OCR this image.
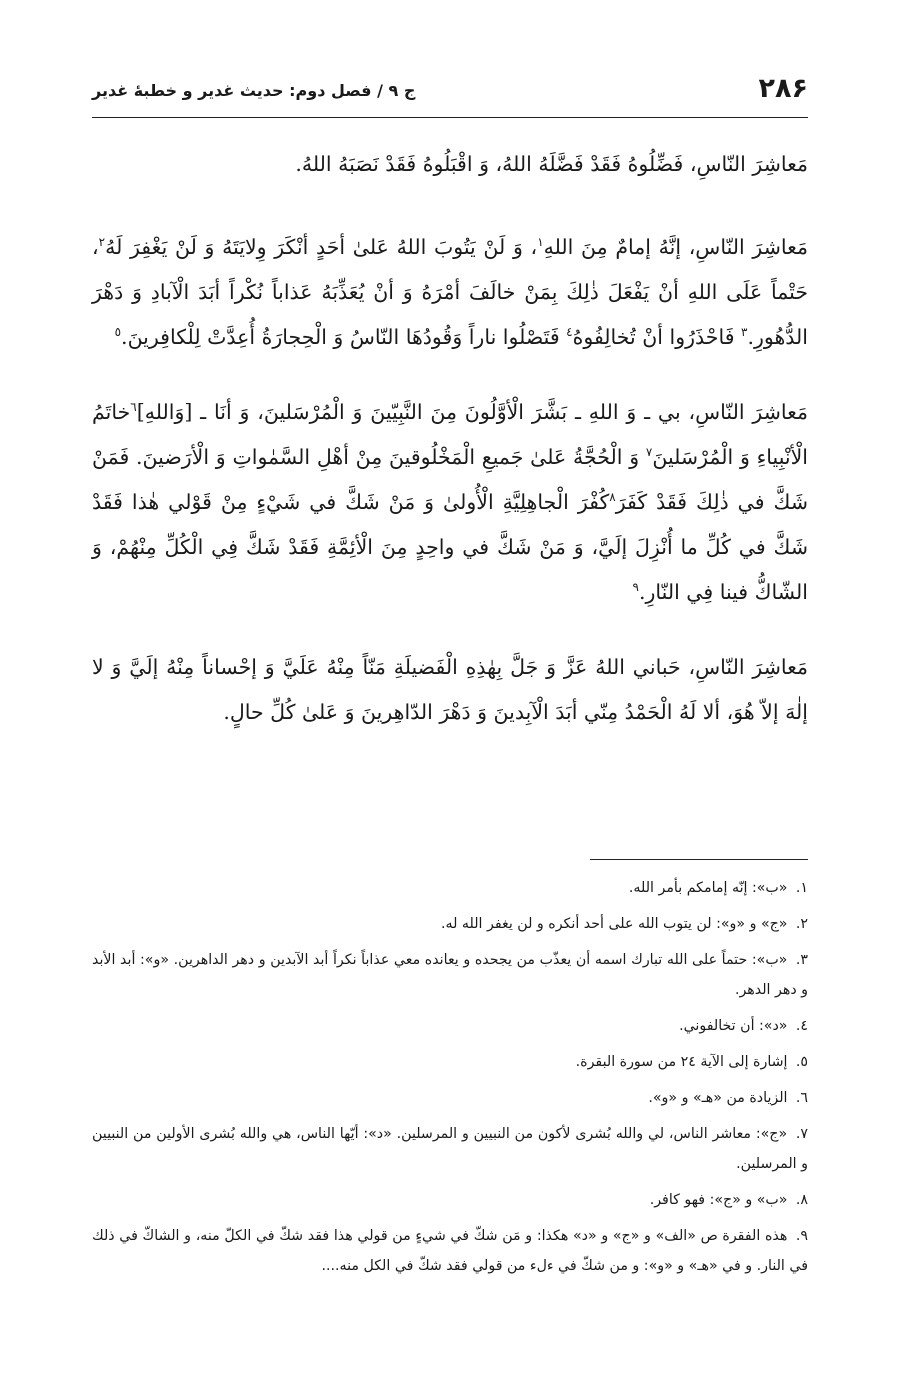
۲۸۶
ج ۹ / فصل دوم: حديث غدير و خطبهٔ غدير

مَعاشِرَ النّاسِ، فَضِّلُوهُ فَقَدْ فَضَّلَهُ اللهُ، وَ اقْبَلُوهُ فَقَدْ نَصَبَهُ اللهُ.

مَعاشِرَ النّاسِ، إنَّهُ إمامٌ مِنَ اللهِ$^١$، وَ لَنْ يَتُوبَ اللهُ عَلىٰ أحَدٍ أنْكَرَ وِلايَتَهُ وَ لَنْ يَغْفِرَ لَهُ$^٢$، حَتْماً عَلَى اللهِ أنْ يَفْعَلَ ذٰلِكَ بِمَنْ خالَفَ أمْرَهُ وَ أنْ يُعَذِّبَهُ عَذاباً نُكْراً أبَدَ الْآبادِ وَ دَهْرَ الدُّهُورِ.$^٣$ فَاحْذَرُوا أنْ تُخالِفُوهُ$^٤$ فَتَصْلُوا ناراً وَقُودُهَا النّاسُ وَ الْحِجارَةُ أُعِدَّتْ لِلْكافِرينَ.$^٥$

مَعاشِرَ النّاسِ، بي ـ وَ اللهِ ـ بَشَّرَ الْأوَّلُونَ مِنَ النَّبِيّينَ وَ الْمُرْسَلينَ، وَ أنَا ـ [وَاللهِ]$^٦$خاتَمُ الْأنْبِياءِ وَ الْمُرْسَلينَ$^٧$ وَ الْحُجَّةُ عَلىٰ جَميعِ الْمَخْلُوقينَ مِنْ أهْلِ السَّمٰواتِ وَ الْأرَضينَ. فَمَنْ شَكَّ في ذٰلِكَ فَقَدْ كَفَرَ$^٨$كُفْرَ الْجاهِلِيَّةِ الْأُولىٰ وَ مَنْ شَكَّ في شَيْءٍ مِنْ قَوْلي هٰذا فَقَدْ شَكَّ في كُلِّ ما أُنْزِلَ إلَيَّ، وَ مَنْ شَكَّ في واحِدٍ مِنَ الْأئِمَّةِ فَقَدْ شَكَّ فِي الْكُلِّ مِنْهُمْ، وَ الشّاكُّ فينا فِي النّارِ.$^٩$

مَعاشِرَ النّاسِ، حَباني اللهُ عَزَّ وَ جَلَّ بِهٰذِهِ الْفَضيلَةِ مَنّاً مِنْهُ عَلَيَّ وَ إحْساناً مِنْهُ إلَيَّ وَ لا إلٰهَ إلاّ هُوَ، ألا لَهُ الْحَمْدُ مِنّي أبَدَ الْآبِدينَ وَ دَهْرَ الدّاهِرينَ وَ عَلىٰ كُلِّ حالٍ.

١. «ب»: إنّه إمامكم بأمر الله.
٢. «ج» و «و»: لن يتوب الله على أحد أنكره و لن يغفر الله له.
٣. «ب»: حتماً على الله تبارك اسمه أن يعذّب من يجحده و يعانده معي عذاباً نكراً أبد الآبدين و دهر الداهرين. «و»: أبد الأبد و دهر الدهر.
٤. «د»: أن تخالفوني.
٥. إشارة إلى الآية ٢٤ من سورة البقرة.
٦. الزيادة من «هـ» و «و».
٧. «ج»: معاشر الناس، لي والله بُشرى لأكون من النبيين و المرسلين. «د»: أيّها الناس، هي والله بُشرى الأولين من النبيين و المرسلين.
٨. «ب» و «ج»: فهو كافر.
٩. هذه الفقرة ص «الف» و «ج» و «د» هكذا: و مَن شكّ في شيءٍ من قولي هذا فقد شكّ في الكلّ منه، و الشاكّ في ذلك في النار. و في «هـ» و «و»: و من شكّ في ءلء من قولي فقد شكّ في الكل منه....
